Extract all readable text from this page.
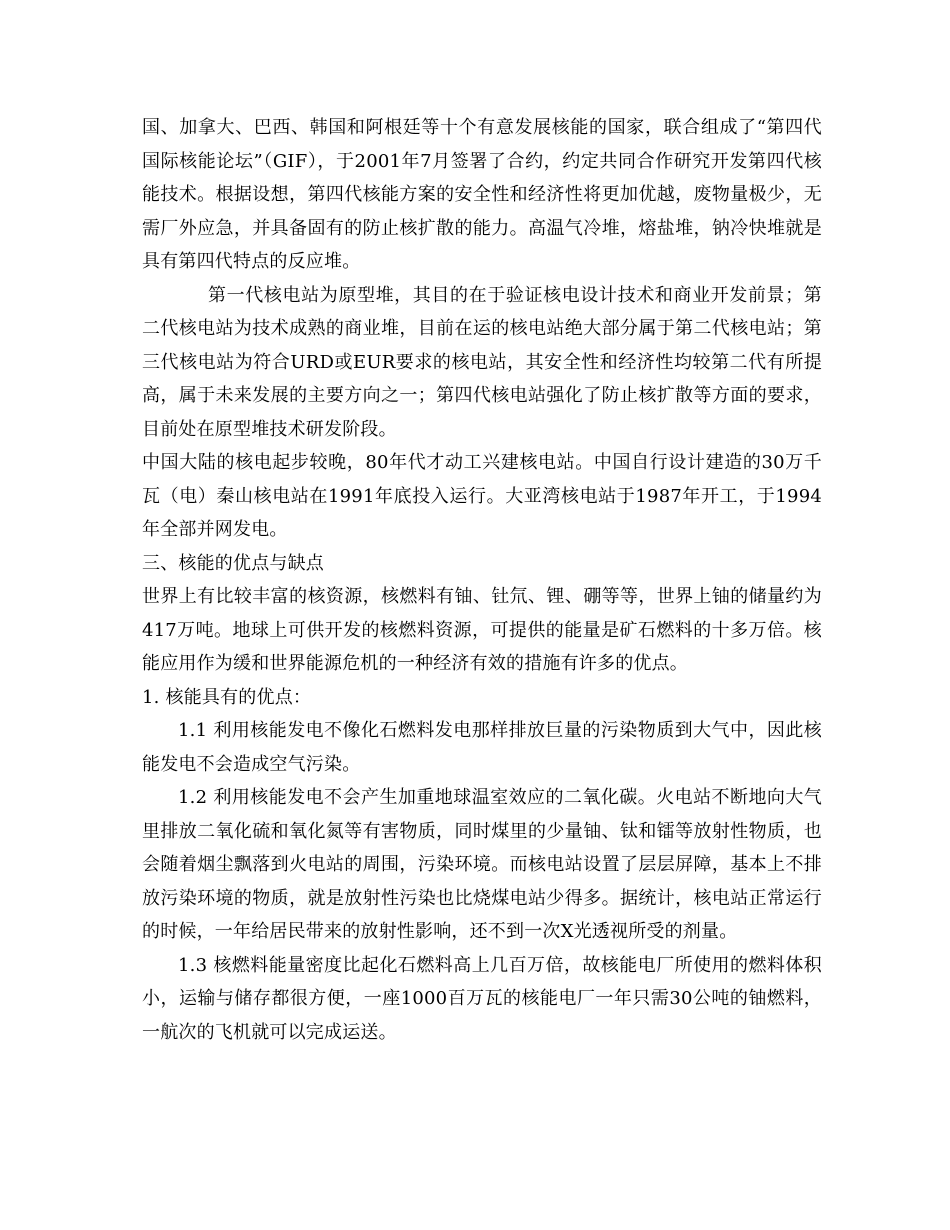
国、加拿大、巴西、韩国和阿根廷等十个有意发展核能的国家，联合组成了“第四代国际核能论坛”（GIF），于2001年7月签署了合约，约定共同合作研究开发第四代核能技术。根据设想，第四代核能方案的安全性和经济性将更加优越，废物量极少，无需厂外应急，并具备固有的防止核扩散的能力。高温气冷堆，熔盐堆，钠冷快堆就是具有第四代特点的反应堆。

第一代核电站为原型堆，其目的在于验证核电设计技术和商业开发前景；第二代核电站为技术成熟的商业堆，目前在运的核电站绝大部分属于第二代核电站；第三代核电站为符合URD或EUR要求的核电站，其安全性和经济性均较第二代有所提高，属于未来发展的主要方向之一；第四代核电站强化了防止核扩散等方面的要求，目前处在原型堆技术研发阶段。

中国大陆的核电起步较晚，80年代才动工兴建核电站。中国自行设计建造的30万千瓦（电）秦山核电站在1991年底投入运行。大亚湾核电站于1987年开工，于1994年全部并网发电。

三、核能的优点与缺点

世界上有比较丰富的核资源，核燃料有铀、钍氘、锂、硼等等，世界上铀的储量约为417万吨。地球上可供开发的核燃料资源，可提供的能量是矿石燃料的十多万倍。核能应用作为缓和世界能源危机的一种经济有效的措施有许多的优点。

1. 核能具有的优点：

1.1 利用核能发电不像化石燃料发电那样排放巨量的污染物质到大气中，因此核能发电不会造成空气污染。

1.2 利用核能发电不会产生加重地球温室效应的二氧化碳。火电站不断地向大气里排放二氧化硫和氧化氮等有害物质，同时煤里的少量铀、钛和镭等放射性物质，也会随着烟尘飘落到火电站的周围，污染环境。而核电站设置了层层屏障，基本上不排放污染环境的物质，就是放射性污染也比烧煤电站少得多。据统计，核电站正常运行的时候，一年给居民带来的放射性影响，还不到一次X光透视所受的剂量。

1.3 核燃料能量密度比起化石燃料高上几百万倍，故核能电厂所使用的燃料体积小，运输与储存都很方便，一座1000百万瓦的核能电厂一年只需30公吨的铀燃料，一航次的飞机就可以完成运送。
